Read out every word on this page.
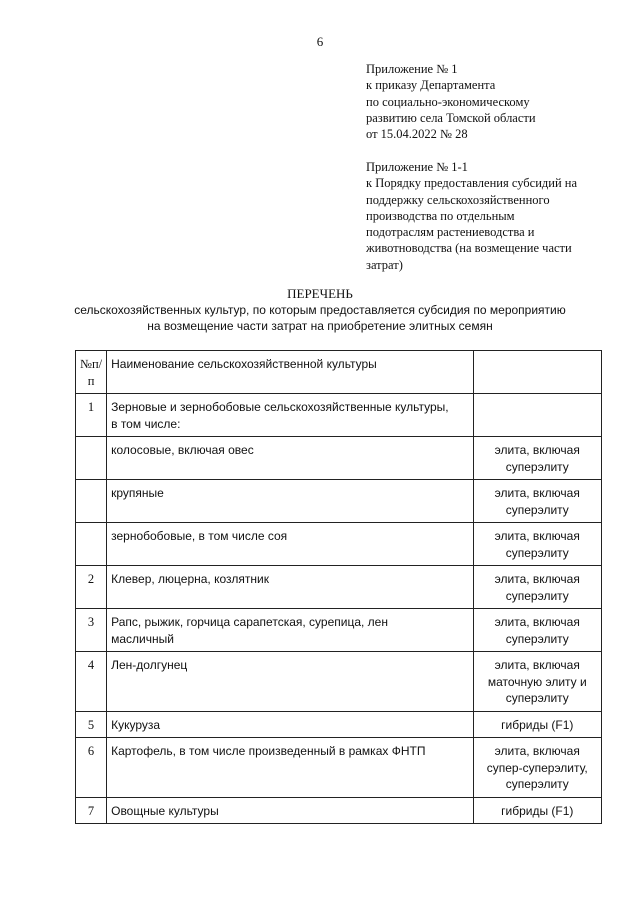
6
Приложение № 1
к приказу Департамента
по социально-экономическому
развитию села Томской области
от 15.04.2022 № 28
Приложение № 1-1
к Порядку предоставления субсидий на
поддержку сельскохозяйственного
производства по отдельным
подотраслям растениеводства и
животноводства (на возмещение части
затрат)
ПЕРЕЧЕНЬ
сельскохозяйственных культур, по которым предоставляется субсидия по мероприятию
на возмещение части затрат на приобретение элитных семян
№п/п	Наименование сельскохозяйственной культуры	

1	Зерновые и зернобобовые сельскохозяйственные культуры,
в том числе:	

	колосовые, включая овес	элита, включая
суперэлиту

	крупяные	элита, включая
суперэлиту

	зернобобовые, в том числе соя	элита, включая
суперэлиту

2	Клевер, люцерна, козлятник	элита, включая
суперэлиту

3	Рапс, рыжик, горчица сарапетская, сурепица, лен
масличный	элита, включая
суперэлиту

4	Лен-долгунец	элита, включая
маточную элиту и
суперэлиту

5	Кукуруза	гибриды (F1)

6	Картофель, в том числе произведенный в рамках ФНТП	элита, включая
супер-суперэлиту,
суперэлиту

7	Овощные культуры	гибриды (F1)
